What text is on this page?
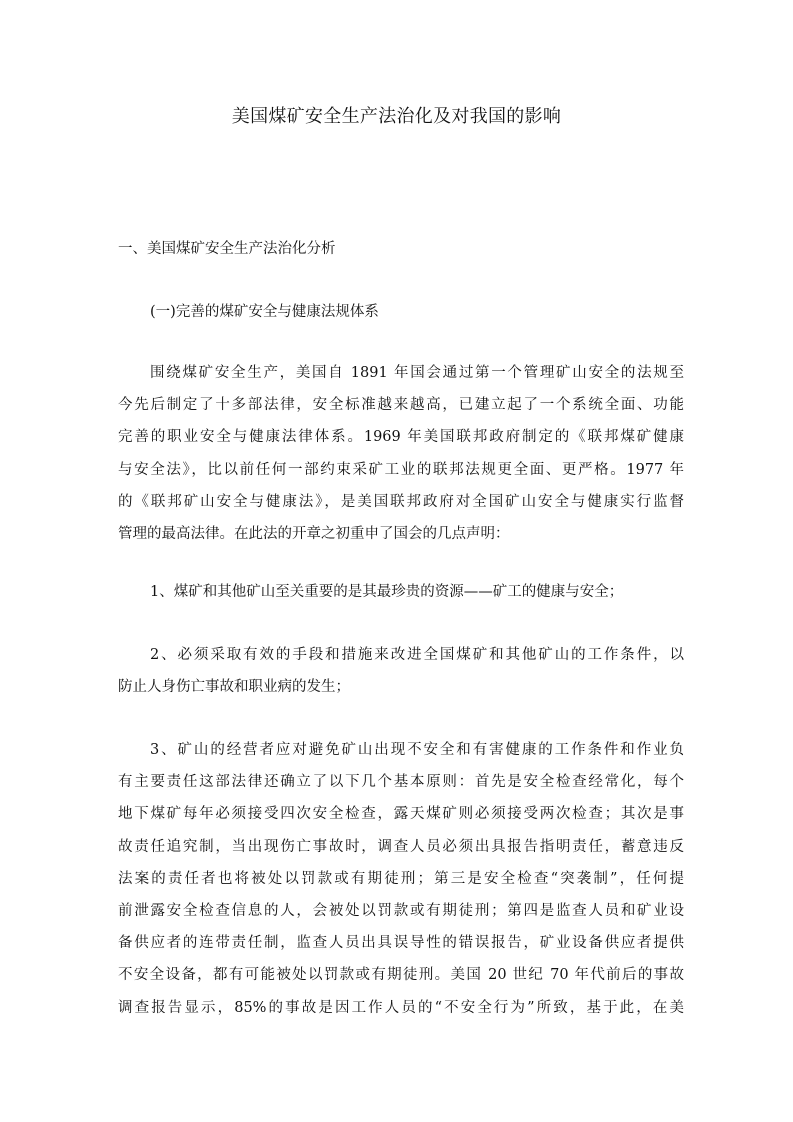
美国煤矿安全生产法治化及对我国的影响
一、美国煤矿安全生产法治化分析
(一)完善的煤矿安全与健康法规体系
围绕煤矿安全生产，美国自 1891 年国会通过第一个管理矿山安全的法规至
今先后制定了十多部法律，安全标准越来越高，已建立起了一个系统全面、功能
完善的职业安全与健康法律体系。1969 年美国联邦政府制定的《联邦煤矿健康
与安全法》，比以前任何一部约束采矿工业的联邦法规更全面、更严格。1977 年
的《联邦矿山安全与健康法》，是美国联邦政府对全国矿山安全与健康实行监督
管理的最高法律。在此法的开章之初重申了国会的几点声明：
1、煤矿和其他矿山至关重要的是其最珍贵的资源——矿工的健康与安全；
2、必须采取有效的手段和措施来改进全国煤矿和其他矿山的工作条件，以
防止人身伤亡事故和职业病的发生；
3、矿山的经营者应对避免矿山出现不安全和有害健康的工作条件和作业负
有主要责任这部法律还确立了以下几个基本原则：首先是安全检查经常化，每个
地下煤矿每年必须接受四次安全检查，露天煤矿则必须接受两次检查；其次是事
故责任追究制，当出现伤亡事故时，调查人员必须出具报告指明责任，蓄意违反
法案的责任者也将被处以罚款或有期徒刑；第三是安全检查“突袭制”，任何提
前泄露安全检查信息的人，会被处以罚款或有期徒刑；第四是监查人员和矿业设
备供应者的连带责任制，监查人员出具误导性的错误报告，矿业设备供应者提供
不安全设备，都有可能被处以罚款或有期徒刑。美国 20 世纪 70 年代前后的事故
调查报告显示，85%的事故是因工作人员的“不安全行为”所致，基于此，在美
